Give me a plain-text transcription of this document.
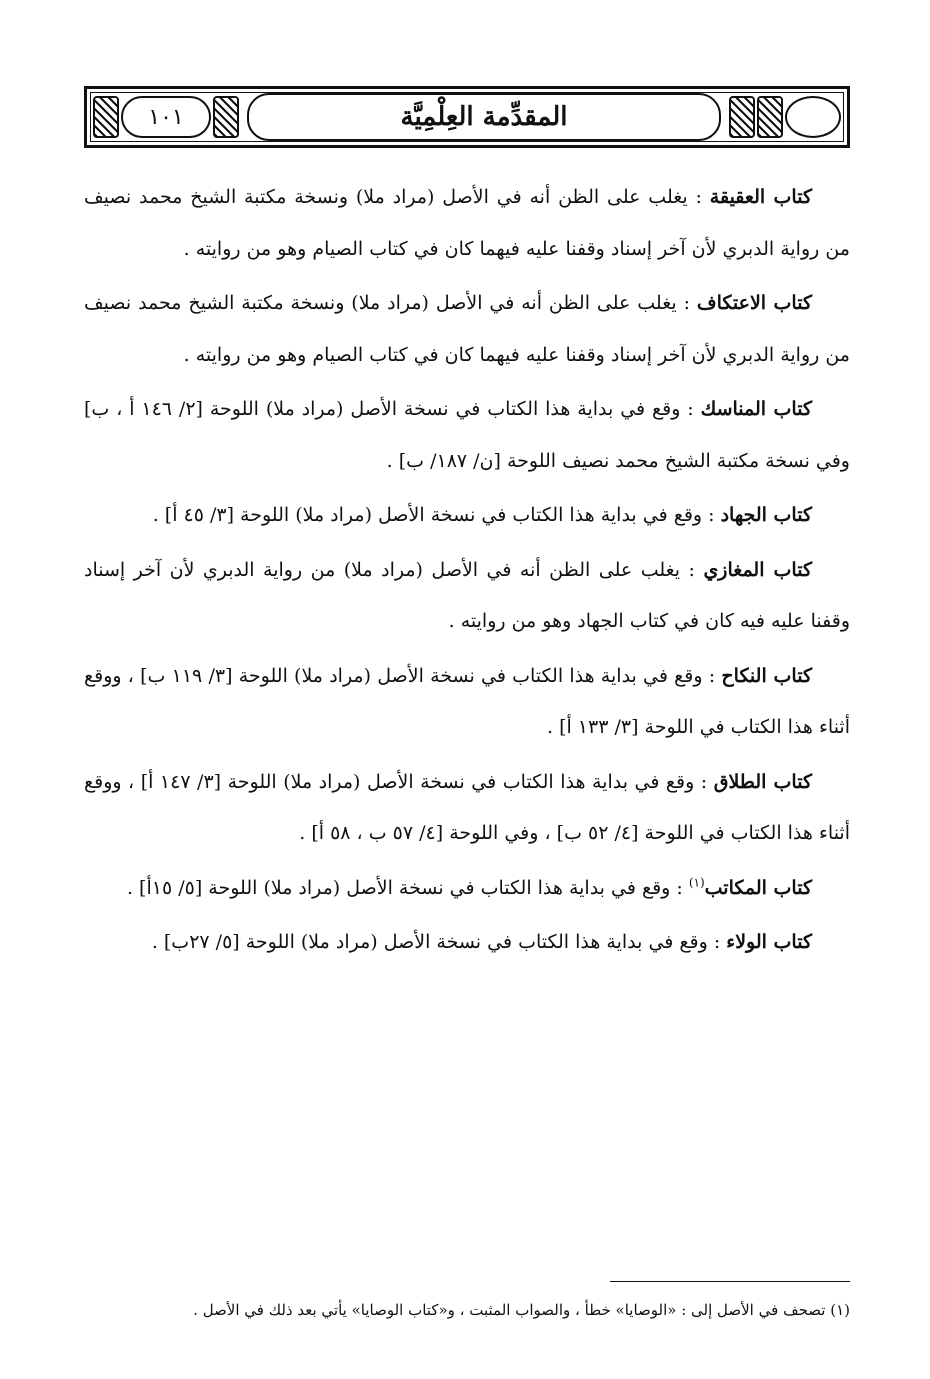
المقدِّمة العِلْمِيَّة
١٠١

كتاب العقيقة : يغلب على الظن أنه في الأصل (مراد ملا) ونسخة مكتبة الشيخ محمد نصيف من رواية الدبري لأن آخر إسناد وقفنا عليه فيهما كان في كتاب الصيام وهو من روايته .

كتاب الاعتكاف : يغلب على الظن أنه في الأصل (مراد ملا) ونسخة مكتبة الشيخ محمد نصيف من رواية الدبري لأن آخر إسناد وقفنا عليه فيهما كان في كتاب الصيام وهو من روايته .

كتاب المناسك : وقع في بداية هذا الكتاب في نسخة الأصل (مراد ملا) اللوحة [٢/ ١٤٦ أ ، ب] وفي نسخة مكتبة الشيخ محمد نصيف اللوحة [ن/ ١٨٧/ ب] .

كتاب الجهاد : وقع في بداية هذا الكتاب في نسخة الأصل (مراد ملا) اللوحة [٣/ ٤٥ أ] .

كتاب المغازي : يغلب على الظن أنه في الأصل (مراد ملا) من رواية الدبري لأن آخر إسناد وقفنا عليه فيه كان في كتاب الجهاد وهو من روايته .

كتاب النكاح : وقع في بداية هذا الكتاب في نسخة الأصل (مراد ملا) اللوحة [٣/ ١١٩ ب] ، ووقع أثناء هذا الكتاب في اللوحة [٣/ ١٣٣ أ] .

كتاب الطلاق : وقع في بداية هذا الكتاب في نسخة الأصل (مراد ملا) اللوحة [٣/ ١٤٧ أ] ، ووقع أثناء هذا الكتاب في اللوحة [٤/ ٥٢ ب] ، وفي اللوحة [٤/ ٥٧ ب ، ٥٨ أ] .

كتاب المكاتب$^{(١)}$ : وقع في بداية هذا الكتاب في نسخة الأصل (مراد ملا) اللوحة [٥/ ١٥أ] .

كتاب الولاء : وقع في بداية هذا الكتاب في نسخة الأصل (مراد ملا) اللوحة [٥/ ٢٧ب] .

(١) تصحف في الأصل إلى : «الوصايا» خطأ ، والصواب المثبت ، و«كتاب الوصايا» يأتي بعد ذلك في الأصل .
